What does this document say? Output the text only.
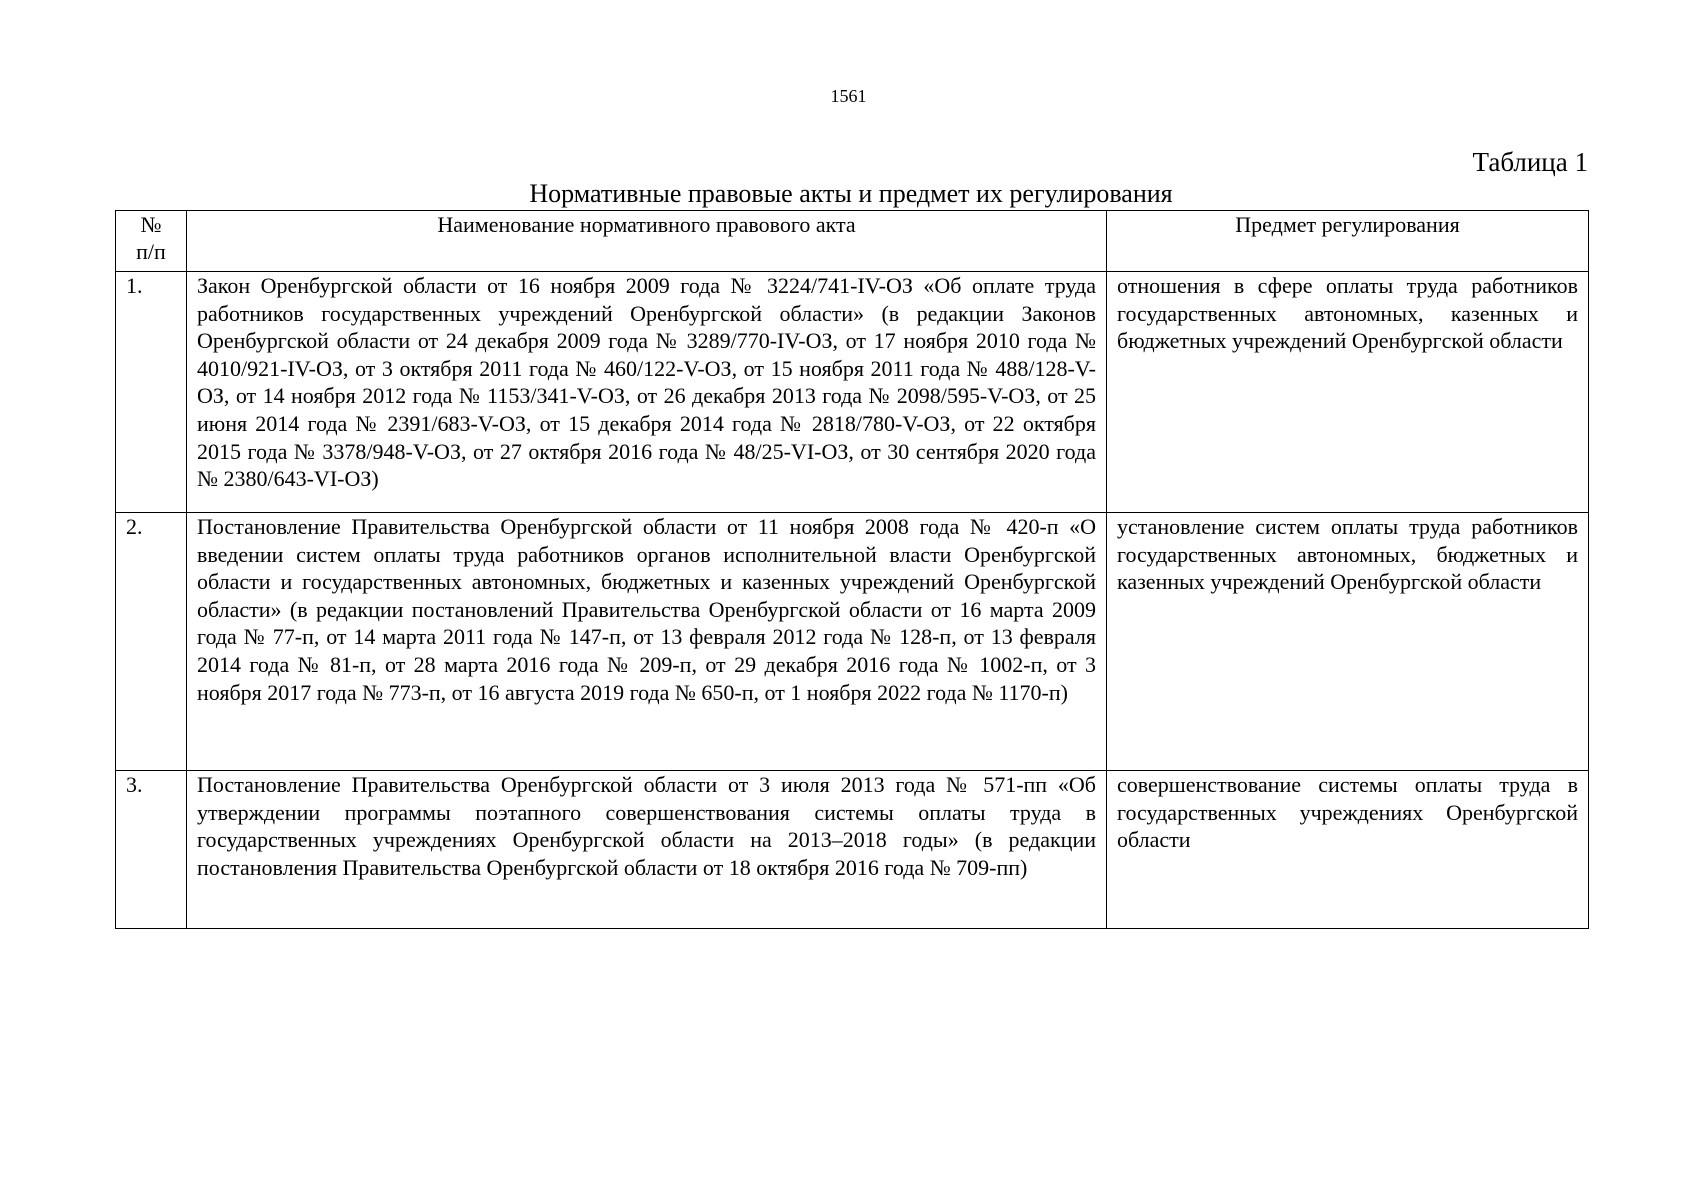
1561
Таблица 1
Нормативные правовые акты и предмет их регулирования
№
п/п	Наименование нормативного правового акта	Предмет регулирования
1.	Закон Оренбургской области от 16 ноября 2009 года № 3224/741-IV-ОЗ «Об оплате труда работников государственных учреждений Оренбургской области» (в редакции Законов Оренбургской области от 24 декабря 2009 года № 3289/770-IV-ОЗ, от 17 ноября 2010 года № 4010/921-IV-ОЗ, от 3 октября 2011 года № 460/122-V-ОЗ, от 15 ноября 2011 года № 488/128-V-ОЗ, от 14 ноября 2012 года № 1153/341-V-ОЗ, от 26 декабря 2013 года № 2098/595-V-ОЗ, от 25 июня 2014 года № 2391/683-V-ОЗ, от 15 декабря 2014 года № 2818/780-V-ОЗ, от 22 октября 2015 года № 3378/948-V-ОЗ, от 27 октября 2016 года № 48/25-VI-ОЗ, от 30 сентября 2020 года № 2380/643-VI-ОЗ)	отношения в сфере оплаты труда работников государственных автономных, казенных и бюджетных учреждений Оренбургской области
2.	Постановление Правительства Оренбургской области от 11 ноября 2008 года № 420-п «О введении систем оплаты труда работников органов исполнительной власти Оренбургской области и государственных автономных, бюджетных и казенных учреждений Оренбургской области» (в редакции постановлений Правительства Оренбургской области от 16 марта 2009 года № 77-п, от 14 марта 2011 года № 147-п, от 13 февраля 2012 года № 128-п, от 13 февраля 2014 года № 81-п, от 28 марта 2016 года № 209-п, от 29 декабря 2016 года № 1002-п, от 3 ноября 2017 года № 773-п, от 16 августа 2019 года № 650-п, от 1 ноября 2022 года № 1170-п)	установление систем оплаты труда работников государственных автономных, бюджетных и казенных учреждений Оренбургской области
3.	Постановление Правительства Оренбургской области от 3 июля 2013 года № 571-пп «Об утверждении программы поэтапного совершенствования системы оплаты труда в государственных учреждениях Оренбургской области на 2013–2018 годы» (в редакции постановления Правительства Оренбургской области от 18 октября 2016 года № 709-пп)	совершенствование системы оплаты труда в государственных учреждениях Оренбургской области
